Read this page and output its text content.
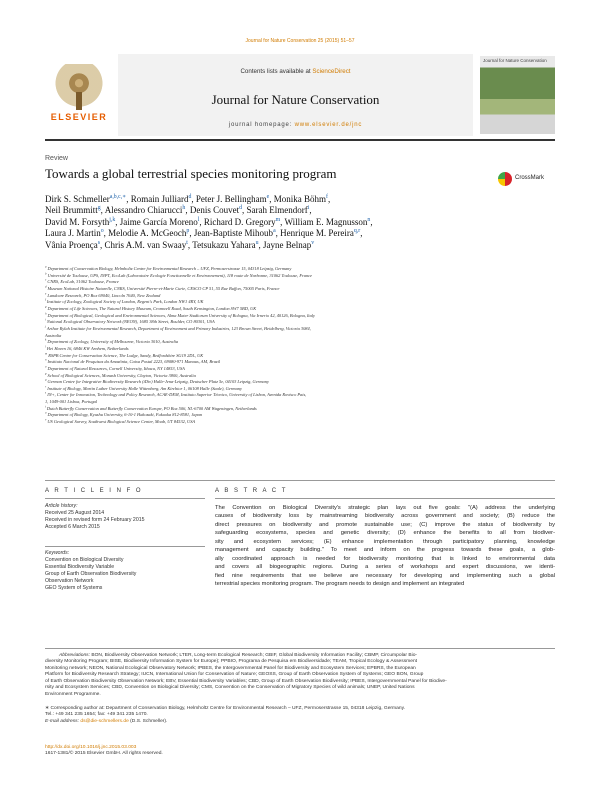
Journal for Nature Conservation 25 (2015) 51–57
ELSEVIER
Contents lists available at ScienceDirect
Journal for Nature Conservation
journal homepage: www.elsevier.de/jnc
Journal for Nature Conservation
Review
Towards a global terrestrial species monitoring program	CrossMark
Dirk S. Schmeller$^{a,b,c,∗}$, Romain Julliard$^d$, Peter J. Bellingham$^e$, Monika Böhm$^f$,
Neil Brummitt$^g$, Alessandro Chiarucci$^h$, Denis Couvet$^d$, Sarah Elmendorf$^i$,
David M. Forsyth$^{j,k}$, Jaime García Moreno$^l$, Richard D. Gregory$^m$, William E. Magnusson$^n$,
Laura J. Martin$^o$, Melodie A. McGeoch$^p$, Jean-Baptiste Mihoub$^a$, Henrique M. Pereira$^{q,r}$,
Vânia Proença$^s$, Chris A.M. van Swaay$^t$, Tetsukazu Yahara$^u$, Jayne Belnap$^v$
$^a$ Department of Conservation Biology, Helmholtz Centre for Environmental Research – UFZ, Permoserstrasse 15, 04318 Leipzig, Germany
$^b$ Université de Toulouse, UPS, INPT, EcoLab (Laboratoire Ecologie Fonctionnelle et Environnement), 118 route de Narbonne, 31062 Toulouse, France
$^c$ CNRS, EcoLab, 31062 Toulouse, France
$^d$ Museum National Histoire Naturelle, CNRS, Université Pierre-et-Marie Curie, CESCO CP 51, 55 Rue Buffon, 75005 Paris, France
$^e$ Landcare Research, PO Box 69040, Lincoln 7640, New Zealand
$^f$ Institute of Zoology, Zoological Society of London, Regent's Park, London NW1 4RY, UK
$^g$ Department of Life Sciences, The Natural History Museum, Cromwell Road, South Kensington, London SW7 5BD, UK
$^h$ Department of Biological, Geological and Environmental Sciences, Alma Mater Studiorum University of Bologna, Via Irnerio 42, 40126, Bologna, Italy
$^i$ National Ecological Observatory Network (NEON), 1685 38th Street, Boulder, CO 80301, USA
$^j$ Arthur Rylah Institute for Environmental Research, Department of Environment and Primary Industries, 123 Brown Street, Heidelberg, Victoria 3084,
Australia
$^k$ Department of Zoology, University of Melbourne, Victoria 3010, Australia
$^l$ Hei Haven 16, 6846 KW Arnhem, Netherlands
$^m$ RSPB Centre for Conservation Science, The Lodge, Sandy, Bedfordshire SG19 2DL, UK
$^n$ Instituto Nacional de Pesquisas da Amazônia, Caixa Postal 2223, 69080-971 Manaus, AM, Brazil
$^o$ Department of Natural Resources, Cornell University, Ithaca, NY 14853, USA
$^p$ School of Biological Sciences, Monash University, Clayton, Victoria 3800, Australia
$^q$ German Centre for Integrative Biodiversity Research (iDiv) Halle-Jena-Leipzig, Deutscher Platz 5e, 04103 Leipzig, Germany
$^r$ Institute of Biology, Martin Luther University Halle Wittenberg, Am Kirchtor 1, 06108 Halle (Saale), Germany
$^s$ IN+, Center for Innovation, Technology and Policy Research, ACAE-DEM, Instituto Superior Técnico, University of Lisbon, Avenida Rovisco Pais,
1, 1049-001 Lisboa, Portugal
$^t$ Dutch Butterfly Conservation and Butterfly Conservation Europe, PO Box 506, NL-6700 AM Wageningen, Netherlands
$^u$ Department of Biology, Kyushu University, 6-10-1 Hakozaki, Fukuoka 812-8581, Japan
$^v$ US Geological Survey, Southwest Biological Science Center, Moab, UT 84532, USA
A R T I C L E I N F O	A B S T R A C T
Article history:
Received 25 August 2014
Received in revised form 24 February 2015
Accepted 6 March 2015
Keywords:
Convention on Biological Diversity
Essential Biodiversity Variable
Group of Earth Observation Biodiversity
Observation Network
GEO System of Systems
The Convention on Biological Diversity's strategic plan lays out five goals: "(A) address the underlying
causes of biodiversity loss by mainstreaming biodiversity across government and society; (B) reduce the
direct pressures on biodiversity and promote sustainable use; (C) improve the status of biodiversity by
safeguarding ecosystems, species and genetic diversity; (D) enhance the benefits to all from biodiver-
sity and ecosystem services; (E) enhance implementation through participatory planning, knowledge
management and capacity building." To meet and inform on the progress towards these goals, a glob-
ally coordinated approach is needed for biodiversity monitoring that is linked to environmental data
and covers all biogeographic regions. During a series of workshops and expert discussions, we identi-
fied nine requirements that we believe are necessary for developing and implementing such a global
terrestrial species monitoring program. The program needs to design and implement an integrated
Abbreviations: BON, Biodiversity Observation Network; LTER, Long-term Ecological Research; GBIF, Global Biodiversity Information Facility; CBMP, Circumpolar Bio-
diversity Monitoring Program; BISE, Biodiversity Information System for Europe); PPBIO, Programa de Pesquisa em Biodiversidade; TEAM, Tropical Ecology & Assessment
Monitoring network; NEON, National Ecological Observatory Network; IPBES, the Intergovernmental Panel for Biodiversity and Ecosystem Services; EPBRS, the European
Platform for Biodiversity Research Strategy; IUCN, International Union for Conservation of Nature; GEOSS, Group of Earth Observation System of Systems; GEO BON, Group
of Earth Observation Biodiversity Observation Network; EBV, Essential Biodiversity Variables; CBD, Group of Earth Observation Biodiversity; IPBES, Intergovernmental Panel for Biodive-
rsity and Ecosystem Services; CBD, Convention on Biological Diversity; CMS, Convention on the Conservation of Migratory Species of wild animals; UNEP, United Nations
Environment Programme.
∗ Corresponding author at: Department of Conservation Biology, Helmholtz Centre for Environmental Research – UFZ, Permoserstrasse 15, 04318 Leipzig, Germany.
Tel.: +49 341 235 1654; fax: +49 341 235 1470.
E-mail address: ds@die-schmellers.de (D.S. Schmeller).
http://dx.doi.org/10.1016/j.jnc.2015.03.003
1617-1381/© 2015 Elsevier GmbH. All rights reserved.
